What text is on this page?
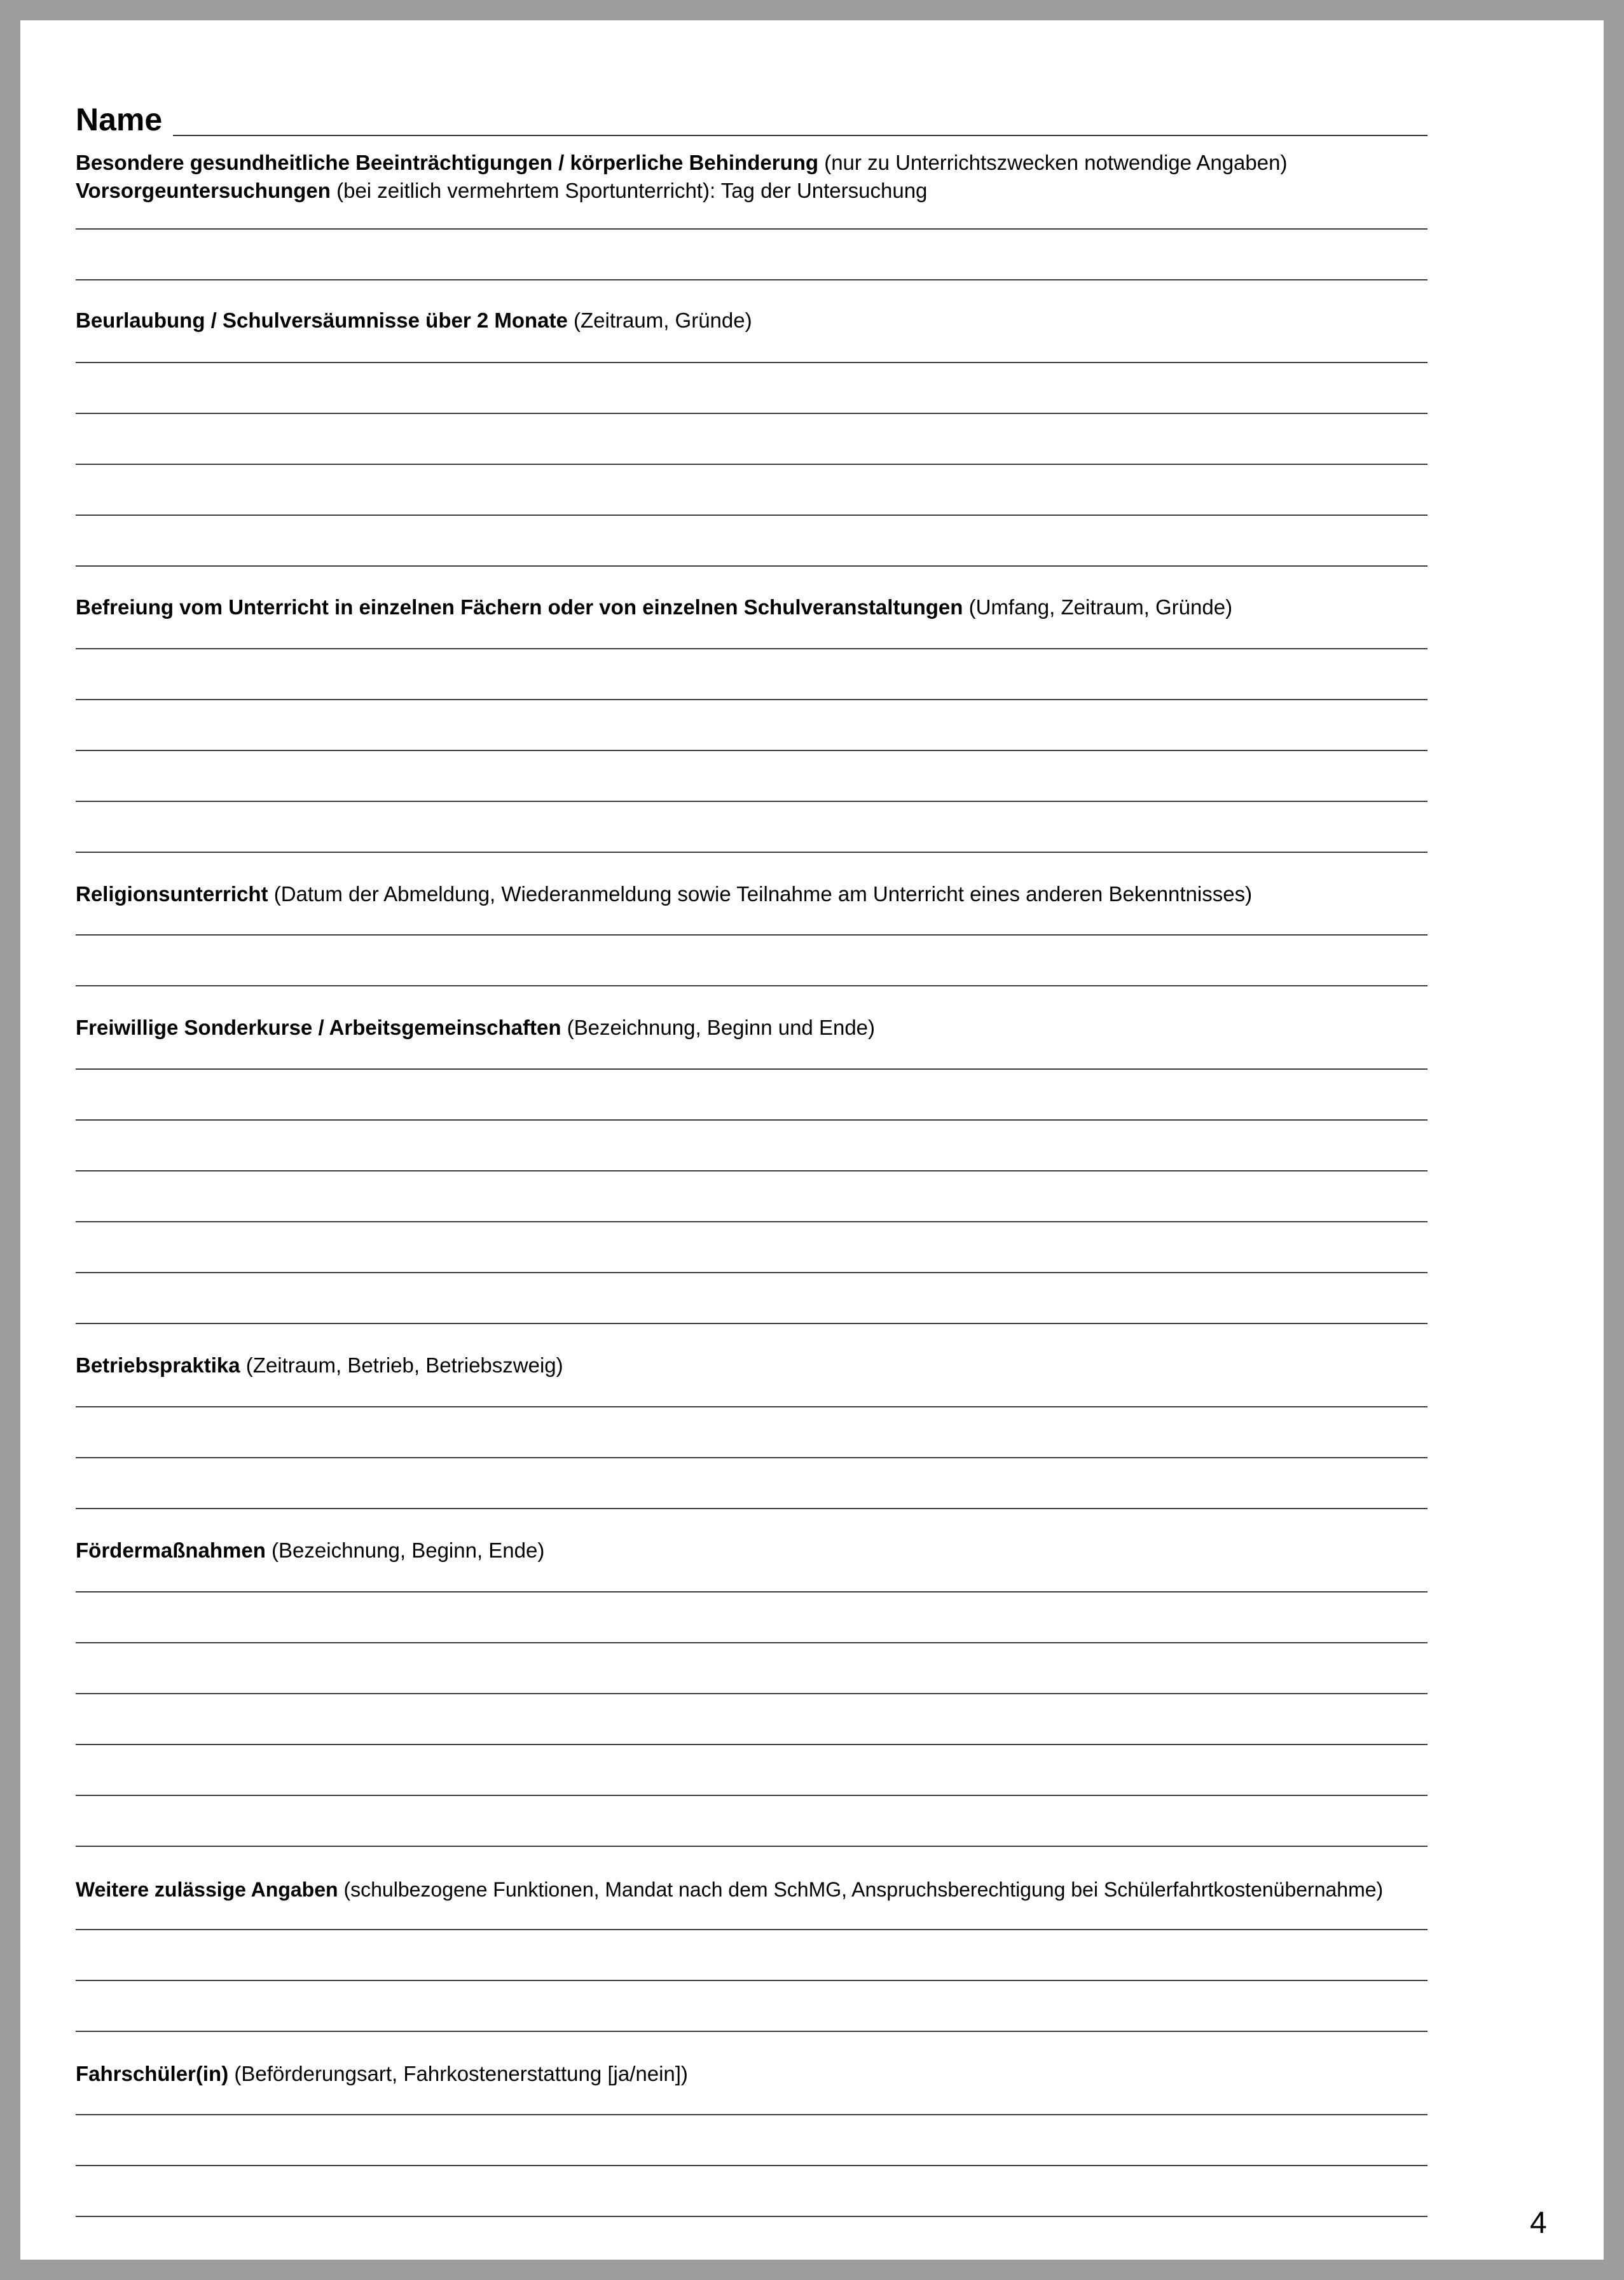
Name
Besondere gesundheitliche Beeinträchtigungen / körperliche Behinderung (nur zu Unterrichtszwecken notwendige Angaben)
Vorsorgeuntersuchungen (bei zeitlich vermehrtem Sportunterricht): Tag der Untersuchung
Beurlaubung / Schulversäumnisse über 2 Monate (Zeitraum, Gründe)
Befreiung vom Unterricht in einzelnen Fächern oder von einzelnen Schulveranstaltungen (Umfang, Zeitraum, Gründe)
Religionsunterricht (Datum der Abmeldung, Wiederanmeldung sowie Teilnahme am Unterricht eines anderen Bekenntnisses)
Freiwillige Sonderkurse / Arbeitsgemeinschaften (Bezeichnung, Beginn und Ende)
Betriebspraktika (Zeitraum, Betrieb, Betriebszweig)
Fördermaßnahmen (Bezeichnung, Beginn, Ende)
Weitere zulässige Angaben (schulbezogene Funktionen, Mandat nach dem SchMG, Anspruchsberechtigung bei Schülerfahrtkostenübernahme)
Fahrschüler(in) (Beförderungsart, Fahrkostenerstattung [ja/nein])
4
